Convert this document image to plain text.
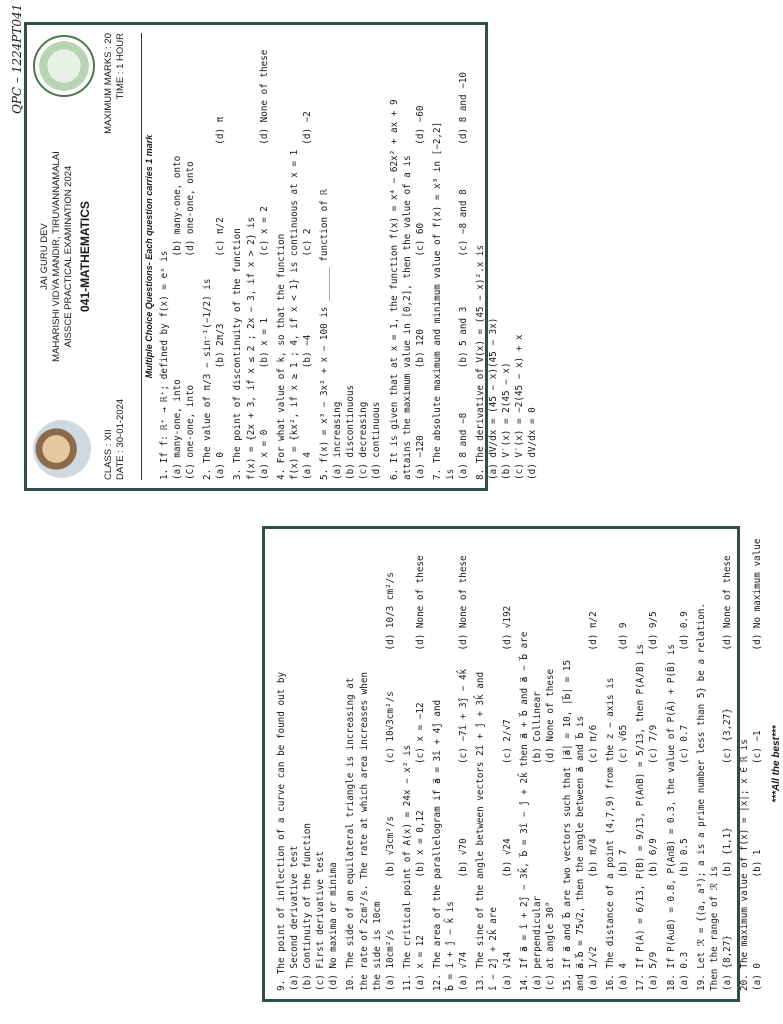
QPC – 1224PT041
JAI GURU DEV MAHARISHI VIDYA MANDIR, TIRUVANNAMALAI AISSCE PRACTICAL EXAMINATION 2024 041-MATHEMATICS
CLASS : XII DATE : 30-01-2024
MAXIMUM MARKS : 20 TIME : 1 HOUR
Multiple Choice Questions- Each question carries 1 mark 1. If f: ℝ⁺ → ℝ⁺; defined by f(x) = eˣ is (a) many-one, into
(b) many-one, onto
(C) one-one, into
(d) one-one, onto
2. The value of π/3 − sin⁻¹(−1/2) is (a) 0
(b) 2π/3
(c) π/2
(d) π
3. The point of discontinuity of the function f(x) = {2x + 3, if x ≤ 2 ; 2x − 3, if x > 2} is (a) x = 0
(b) x = 1
(c) x = 2
(d) None of these
4. For what value of k, so that the function f(x) = {kx², if x ≥ 1 ; 4, if x < 1} is continuous at x = 1 (a) 4
(b) −4
(c) 2
(d) −2
5. f(x) = x³ − 3x² + x − 100 is ______ function of ℝ (a) increasing (b) discontinuous (c) decreasing (d) continuous 6. It is given that at x = 1, the function f(x) = x⁴ − 62x² + ax + 9 attains the maximum value in [0,2], then the value of a is (a) −120
(b) 120
(c) 60
(d) −60 7. The absolute maximum and minimum value of f(x) = x³ in [−2,2] is (a) 8 and −8
(b) 5 and 3
(c) −8 and 8
(d) 8 and −10
8. The derivative of V(x) = (45 − x)².x is (a) dV/dx = (45 − x)(45 − 3x) (b) V′(x) = 2(45 − x) (c) V′(x) = −2(45 − x) + x (d) dV/dx = 0
9. The point of inflection of a curve can be found out by (a) Second derivative test (b) Continuity of the function (c) First derivative test (d) No maxima or minima 10. The side of an equilateral triangle is increasing at the rate of 2cm²/s. The rate at which area increases when the side is 10cm (a) 10cm²/s
(b) √3cm²/s
(c) 10√3cm²/s
(d) 10/3 cm²/s
11. The critical point of A(x) = 24x − x² is (a) x = 12
(b) x = 0,12
(c) x = −12
(d) None of these
12. The area of the parallelogram if a⃗ = 3î + 4ĵ and b⃗ = î + ĵ − k̂ is (a) √74
(b) √70
(c) −7î + 3ĵ − 4k̂
(d) None of these
13. The sine of the angle between vectors 2î + ĵ + 3k̂ and î − 2ĵ + 2k̂ are (a) √14
(b) √24
(c) 2/√7
(d) √192
14. If a⃗ = î + 2ĵ − 3k̂, b⃗ = 3î − ĵ + 2k̂ then a⃗ + b⃗ and a⃗ − b⃗ are (a) perpendicular
(b) Collinear
(c) at angle 30°
(d) None of these 15. If a⃗ and b⃗ are two vectors such that |a⃗| = 10, |b⃗| = 15 and a⃗.b⃗ = 75√2, then the angle between a⃗ and b⃗ is (a) 1/√2
(b) π/4
(c) π/6
(d) π/2
16. The distance of a point (4,7,9) from the z − axis is (a) 4
(b) 7
(c) √65
(d) 9
17. If P(A) = 6/13, P(B) = 9/13, P(A∩B) = 5/13, then P(A/B) is (a) 5/9
(b) 6/9
(c) 7/9
(d) 9/5
18. If P(A∪B) = 0.8, P(A∩B) = 0.3, the value of P(Ā) + P(B̄) is (a) 0.3
(b) 0.5
(c) 0.7
(d) 0.9 19. Let ℛ = {(a, a³); a is a prime number less than 5} be a relation. Then the range of ℛ is (a) {8,27}
(b) {1,1}
(c) {3,27}
(d) None of these
20. The maximum value of f(x) = |x|; x ∈ ℝ is (a) 0
(b) 1
(c) −1
(d) No maximum value
***All the best***
